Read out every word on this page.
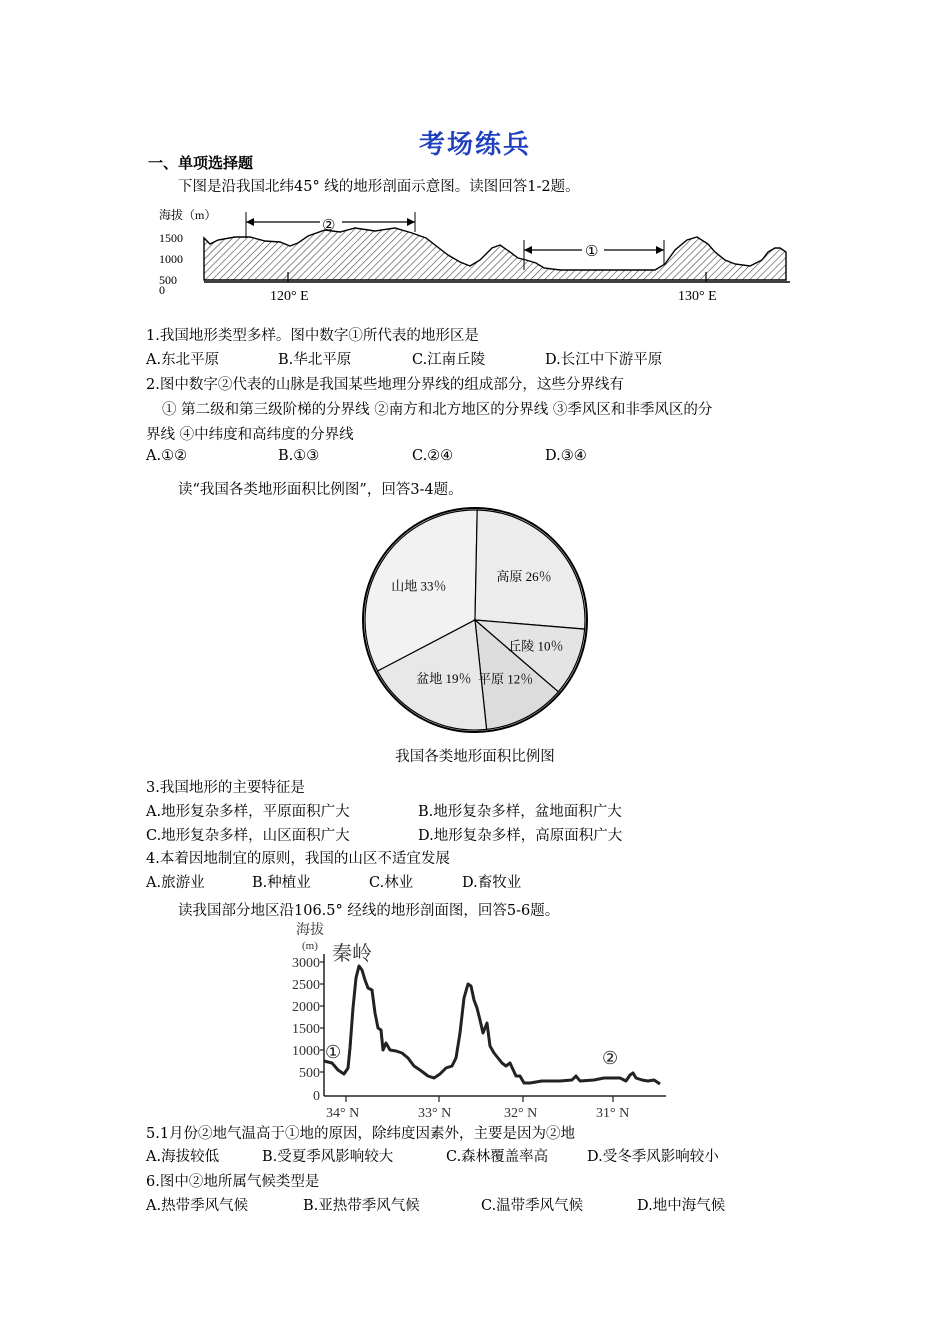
考场练兵
一、单项选择题
下图是沿我国北纬45° 线的地形剖面示意图。读图回答1-2题。
海拔（m）
1500
1000
500
0
②
①
120° E	130° E
1.我国地形类型多样。图中数字①所代表的地形区是
A.东北平原	B.华北平原	C.江南丘陵	D.长江中下游平原
2.图中数字②代表的山脉是我国某些地理分界线的组成部分，这些分界线有
① 第二级和第三级阶梯的分界线 ②南方和北方地区的分界线 ③季风区和非季风区的分
界线 ④中纬度和高纬度的分界线
A.①②	B.①③	C.②④	D.③④
读“我国各类地形面积比例图”，回答3-4题。
山地 33％
高原 26％
丘陵 10％
平原 12％
盆地 19％
我国各类地形面积比例图
3.我国地形的主要特征是
A.地形复杂多样，平原面积广大	B.地形复杂多样，盆地面积广大
C.地形复杂多样，山区面积广大	D.地形复杂多样，高原面积广大
4.本着因地制宜的原则，我国的山区不适宜发展
A.旅游业	B.种植业	C.林业	D.畜牧业
读我国部分地区沿106.5° 经线的地形剖面图，回答5-6题。
海拔
(m) 秦岭
3000
2500
2000
1500
1000
500
0
①	②
34° N	33° N	32° N	31° N
5.1月份②地气温高于①地的原因，除纬度因素外，主要是因为②地
A.海拔较低	B.受夏季风影响较大	C.森林覆盖率高	D.受冬季风影响较小
6.图中②地所属气候类型是
A.热带季风气候	B.亚热带季风气候	C.温带季风气候	D.地中海气候
